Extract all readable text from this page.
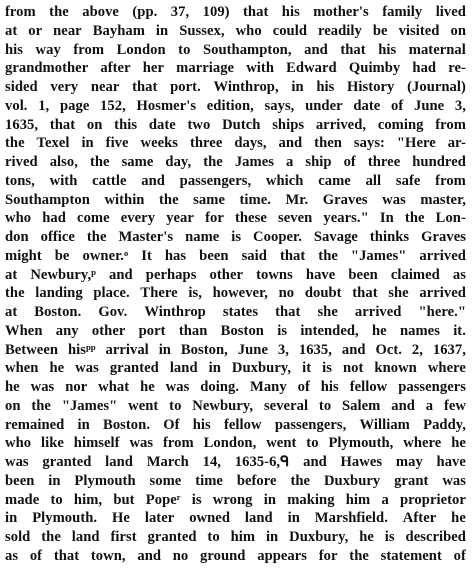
from the above (pp. 37, 109) that his mother's family lived
at or near Bayham in Sussex, who could readily be visited on
his way from London to Southampton, and that his maternal
grandmother after her marriage with Edward Quimby had re-
sided very near that port. Winthrop, in his History (Journal)
vol. 1, page 152, Hosmer's edition, says, under date of June 3,
1635, that on this date two Dutch ships arrived, coming from
the Texel in five weeks three days, and then says: "Here ar-
rived also, the same day, the James a ship of three hundred
tons, with cattle and passengers, which came all safe from
Southampton within the same time. Mr. Graves was master,
who had come every year for these seven years." In the Lon-
don office the Master's name is Cooper. Savage thinks Graves
might be owner.ᵒ It has been said that the "James" arrived
at Newbury,ᵖ and perhaps other towns have been claimed as
the landing place. There is, however, no doubt that she arrived
at Boston. Gov. Winthrop states that she arrived "here."
When any other port than Boston is intended, he names it.
Between hisᵖᵖ arrival in Boston, June 3, 1635, and Oct. 2, 1637,
when he was granted land in Duxbury, it is not known where
he was nor what he was doing. Many of his fellow passengers
on the "James" went to Newbury, several to Salem and a few
remained in Boston. Of his fellow passengers, William Paddy,
who like himself was from London, went to Plymouth, where he
was granted land March 14, 1635-6,ᑫ and Hawes may have
been in Plymouth some time before the Duxbury grant was
made to him, but Popeʳ is wrong in making him a proprietor
in Plymouth. He later owned land in Marshfield. After he
sold the land first granted to him in Duxbury, he is described
as of that town, and no ground appears for the statement of
